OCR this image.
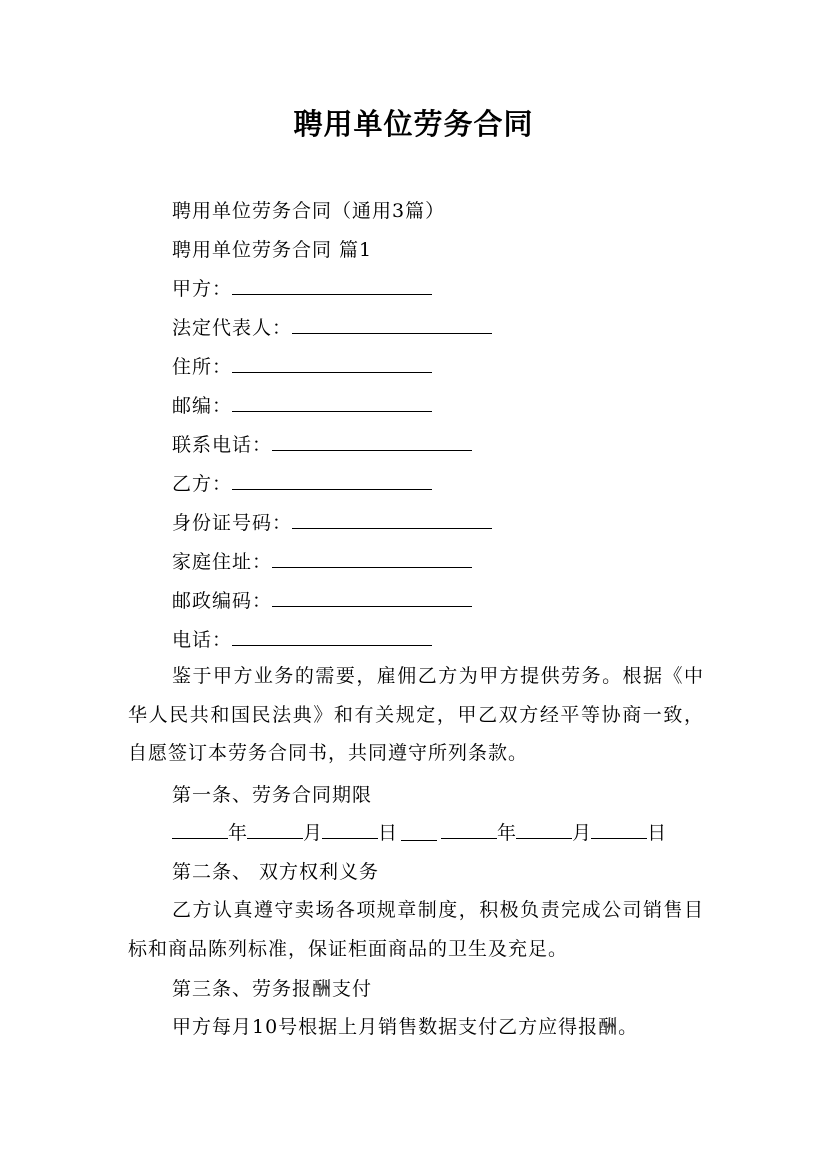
聘用单位劳务合同
聘用单位劳务合同（通用3篇）
聘用单位劳务合同 篇1
甲方：
法定代表人：
住所：
邮编：
联系电话：
乙方：
身份证号码：
家庭住址：
邮政编码：
电话：
鉴于甲方业务的需要，雇佣乙方为甲方提供劳务。根据《中华人民共和国民法典》和有关规定，甲乙双方经平等协商一致，自愿签订本劳务合同书，共同遵守所列条款。
第一条、劳务合同期限
年	月	日	年	月	日
第二条、 双方权利义务
乙方认真遵守卖场各项规章制度，积极负责完成公司销售目标和商品陈列标准，保证柜面商品的卫生及充足。
第三条、劳务报酬支付
甲方每月10号根据上月销售数据支付乙方应得报酬。
